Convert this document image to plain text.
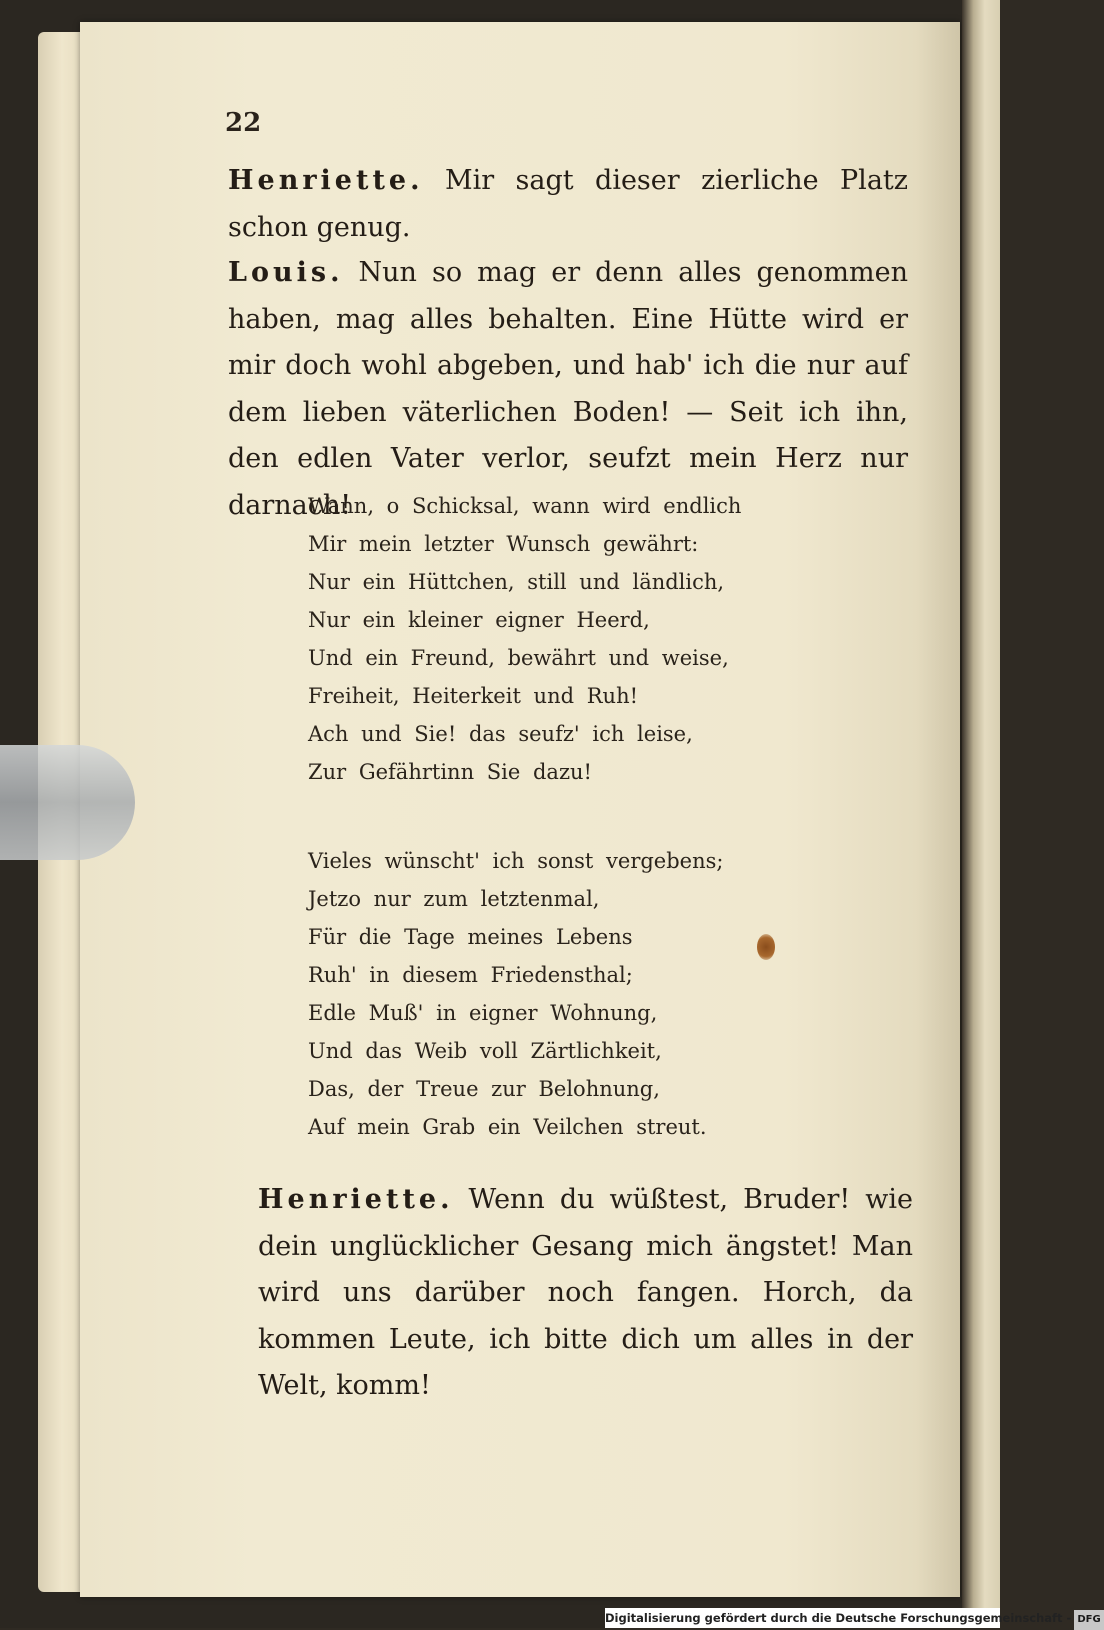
22

Henriette. Mir sagt dieser zierliche Platz schon genug.

Louis. Nun so mag er denn alles genommen haben, mag alles behalten. Eine Hütte wird er mir doch wohl abgeben, und hab' ich die nur auf dem lieben väterlichen Boden! — Seit ich ihn, den edlen Vater verlor, seufzt mein Herz nur darnach!

Wann, o Schicksal, wann wird endlich
Mir mein letzter Wunsch gewährt:
Nur ein Hüttchen, still und ländlich,
Nur ein kleiner eigner Heerd,
Und ein Freund, bewährt und weise,
Freiheit, Heiterkeit und Ruh!
Ach und Sie! das seufz' ich leise,
Zur Gefährtinn Sie dazu!
Vieles wünscht' ich sonst vergebens;
Jetzo nur zum letztenmal,
Für die Tage meines Lebens
Ruh' in diesem Friedensthal;
Edle Muß' in eigner Wohnung,
Und das Weib voll Zärtlichkeit,
Das, der Treue zur Belohnung,
Auf mein Grab ein Veilchen streut.

Henriette. Wenn du wüßtest, Bruder! wie dein unglücklicher Gesang mich ängstet! Man wird uns darüber noch fangen. Horch, da kommen Leute, ich bitte dich um alles in der Welt, komm!

Digitalisierung gefördert durch die Deutsche Forschungsgemeinschaft - DFG
